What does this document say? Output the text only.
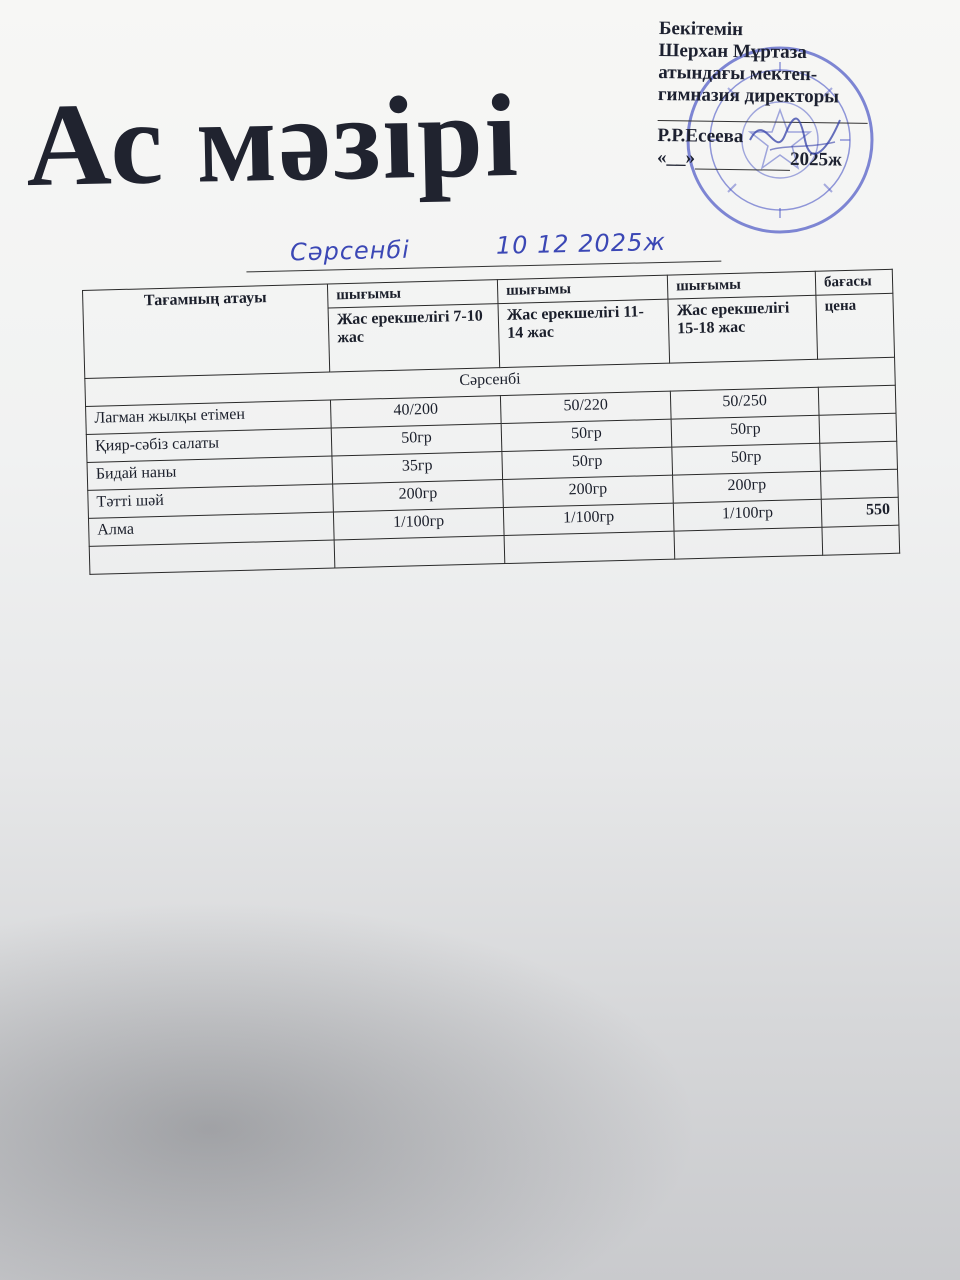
Ас мәзірі
Бекітемін
Шерхан Мұртаза
атындағы мектеп-
гимназия директоры
Р.Р.Есеева
«__»	2025ж
Сәрсенбі	10 12 2025ж
Тағамның атауы	шығымы	шығымы	шығымы	бағасы
	Жас ерекшелігі 7-10 жас	Жас ерекшелігі 11-14 жас	Жас ерекшелігі 15-18 жас	цена
Сәрсенбі				
Лагман жылқы етімен	40/200	50/220	50/250	
Қияр-сәбіз салаты	50гр	50гр	50гр	
Бидай наны	35гр	50гр	50гр	
Тәтті шәй	200гр	200гр	200гр	
Алма	1/100гр	1/100гр	1/100гр	550
